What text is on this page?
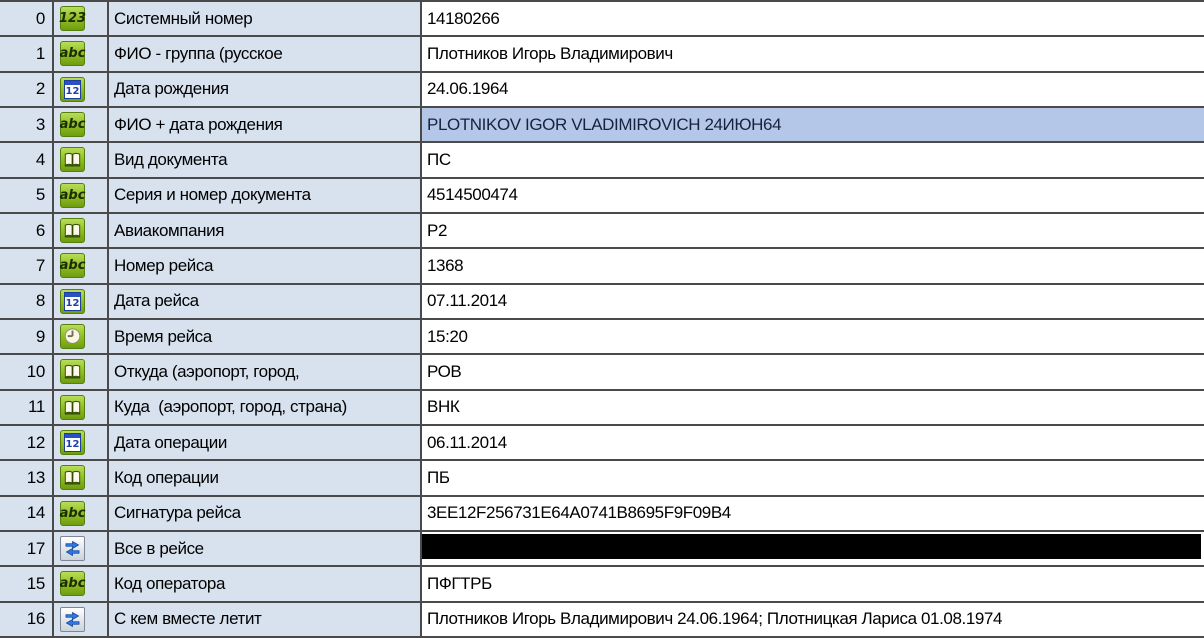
0 123 Системный номер	14180266
1 abc ФИО - группа (русское	Плотников Игорь Владимирович
2 12 Дата рождения	24.06.1964
3 abc ФИО + дата рождения	PLOTNIKOV IGOR VLADIMIROVICH 24ИЮН64
4	Вид документа	ПС
5 abc Серия и номер документа	4514500474
6	Авиакомпания	Р2
7 abc Номер рейса	1368
8 12 Дата рейса	07.11.2014
9	Время рейса	15:20
10	Откуда (аэропорт, город,	РОВ
11	Куда  (аэропорт, город, страна)	ВНК
12 12 Дата операции	06.11.2014
13	Код операции	ПБ
14 abc Сигнатура рейса	3EE12F256731E64A0741B8695F9F09B4
17	Все в рейсе
15 abc Код оператора	ПФГТРБ
16	С кем вместе летит	Плотников Игорь Владимирович 24.06.1964; Плотницкая Лариса 01.08.1974
